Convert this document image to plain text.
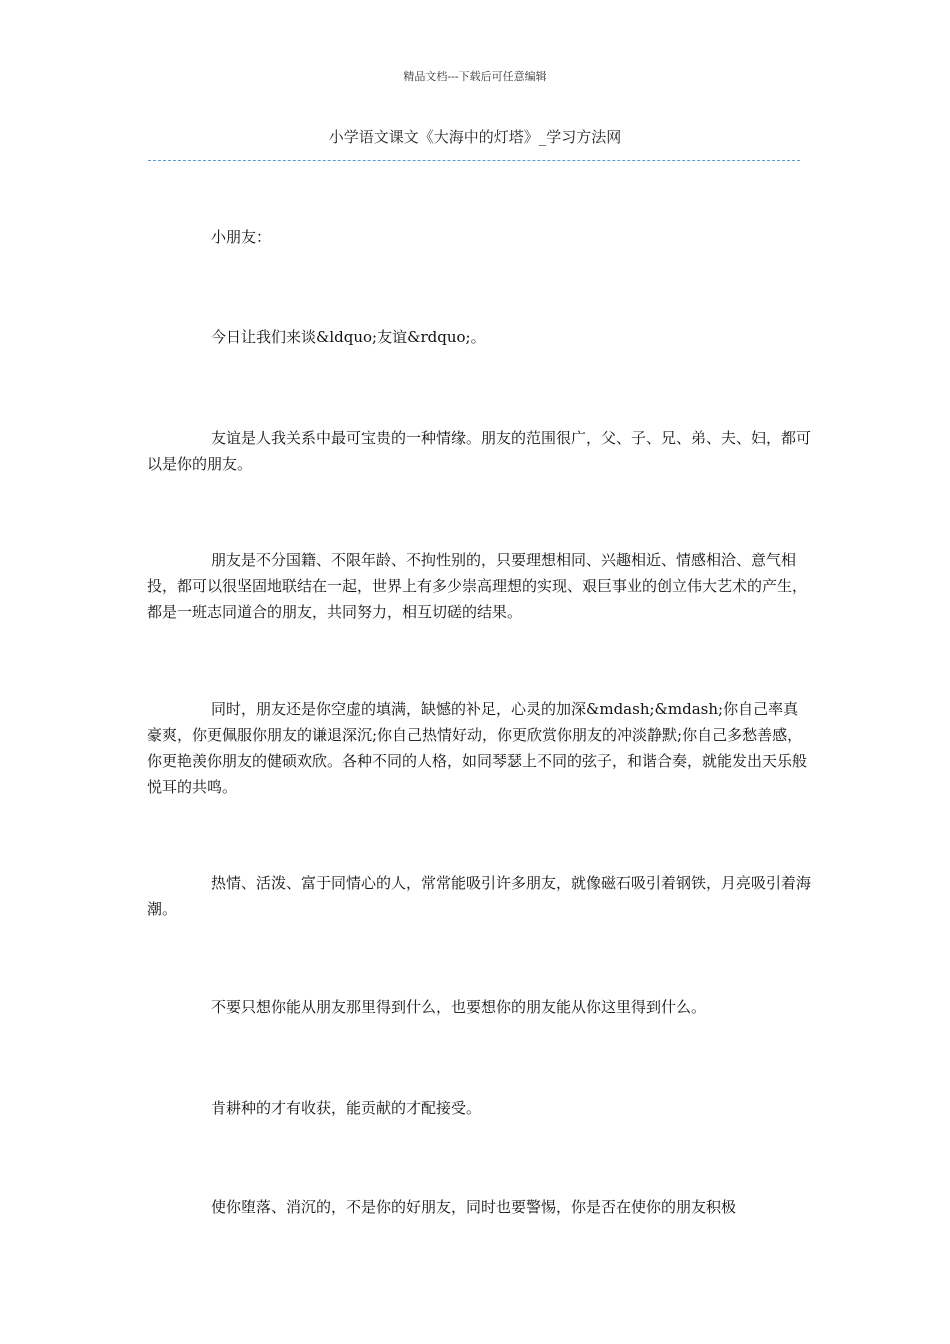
精品文档---下载后可任意编辑
小学语文课文《大海中的灯塔》_学习方法网

小朋友：

今日让我们来谈&ldquo;友谊&rdquo;。

友谊是人我关系中最可宝贵的一种情缘。朋友的范围很广，父、子、兄、弟、夫、妇，都可以是你的朋友。

朋友是不分国籍、不限年龄、不拘性别的，只要理想相同、兴趣相近、情感相洽、意气相投，都可以很坚固地联结在一起，世界上有多少崇高理想的实现、艰巨事业的创立伟大艺术的产生，都是一班志同道合的朋友，共同努力，相互切磋的结果。

同时，朋友还是你空虚的填满，缺憾的补足，心灵的加深&mdash;&mdash;你自己率真豪爽，你更佩服你朋友的谦退深沉;你自己热情好动，你更欣赏你朋友的冲淡静默;你自己多愁善感，你更艳羡你朋友的健硕欢欣。各种不同的人格，如同琴瑟上不同的弦子，和谐合奏，就能发出天乐般悦耳的共鸣。

热情、活泼、富于同情心的人，常常能吸引许多朋友，就像磁石吸引着钢铁，月亮吸引着海潮。

不要只想你能从朋友那里得到什么，也要想你的朋友能从你这里得到什么。

肯耕种的才有收获，能贡献的才配接受。

使你堕落、消沉的，不是你的好朋友，同时也要警惕，你是否在使你的朋友积极
